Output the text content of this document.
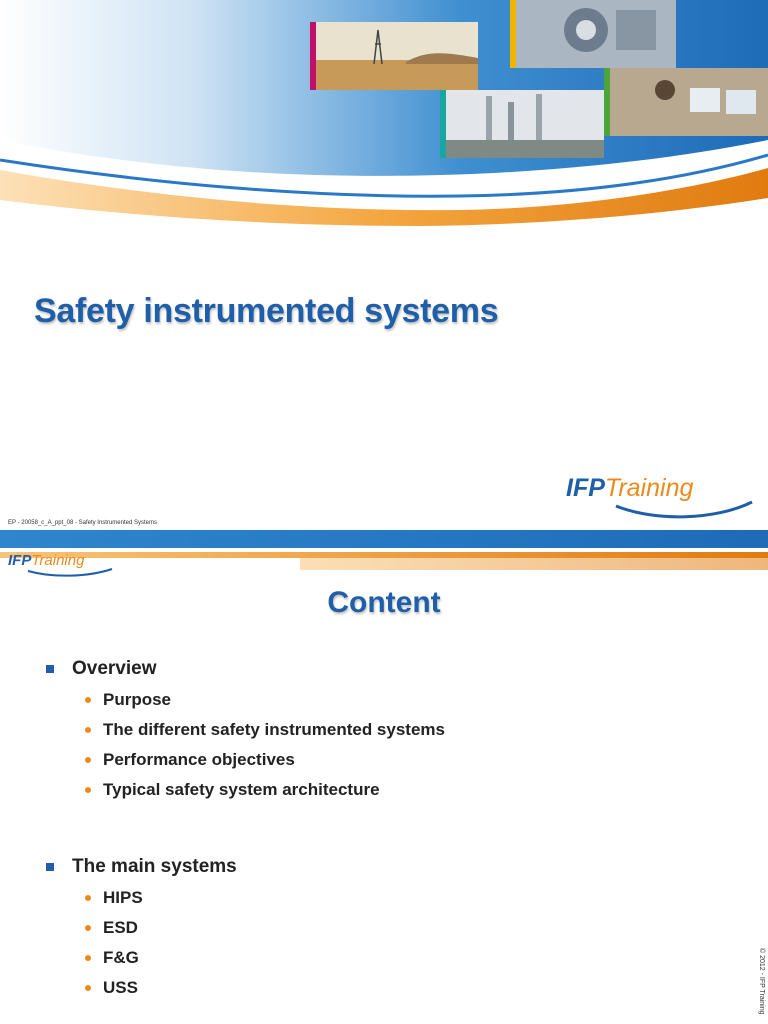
Safety instrumented systems
IFPTraining
EP - 20058_c_A_ppt_08 - Safety Instrumented Systems
IFPTraining
Content
Overview
Purpose
The different safety instrumented systems
Performance objectives
Typical safety system architecture
The main systems
HIPS
ESD
F&G
USS	© 2012 - IFP Training
